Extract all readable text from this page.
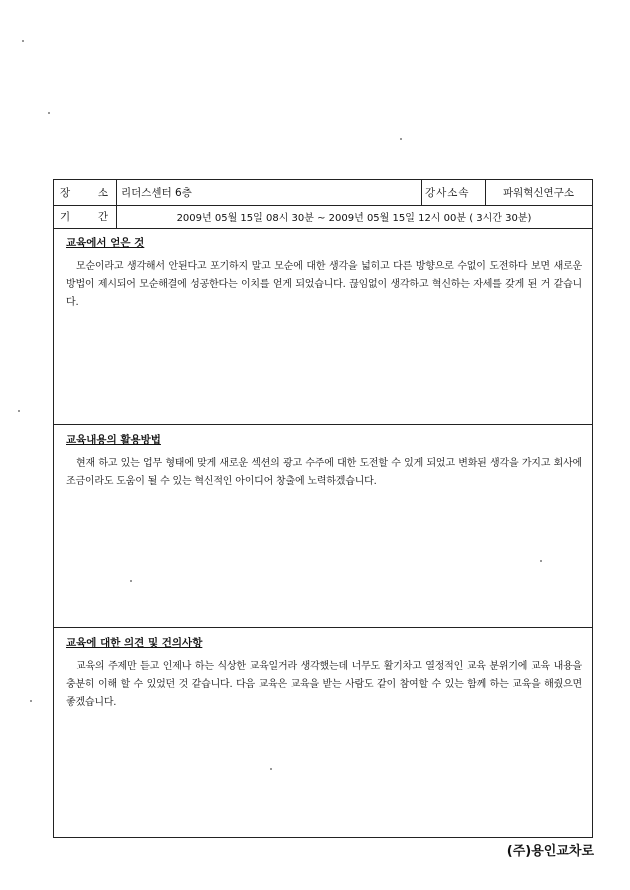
장	소	리더스센터 6층	강사소속	파워혁신연구소
기	간	2009년 05월 15일 08시 30분 ~ 2009년 05월 15일 12시 00분 ( 3시간 30분)
교육에서 얻은 것
모순이라고 생각해서 안된다고 포기하지 말고 모순에 대한 생각을 넓히고 다른 방향으로 수없이 도전하다 보면 새로운 방법이 제시되어 모순해결에 성공한다는 이치를 얻게 되었습니다. 끊임없이 생각하고 혁신하는 자세를 갖게 된 거 같습니다.
교육내용의 활용방법
현재 하고 있는 업무 형태에 맞게 새로운 섹션의 광고 수주에 대한 도전할 수 있게 되었고 변화된 생각을 가지고 회사에 조금이라도 도움이 될 수 있는 혁신적인 아이디어 창출에 노력하겠습니다.
교육에 대한 의견 및 건의사항
교육의 주제만 듣고 인제나 하는 식상한 교육일거라 생각했는데 너무도 활기차고 열정적인 교육 분위기에 교육 내용을 충분히 이해 할 수 있었던 것 같습니다. 다음 교육은 교육을 받는 사람도 같이 참여할 수 있는 함께 하는 교육을 해줬으면 좋겠습니다.
(주)용인교차로
